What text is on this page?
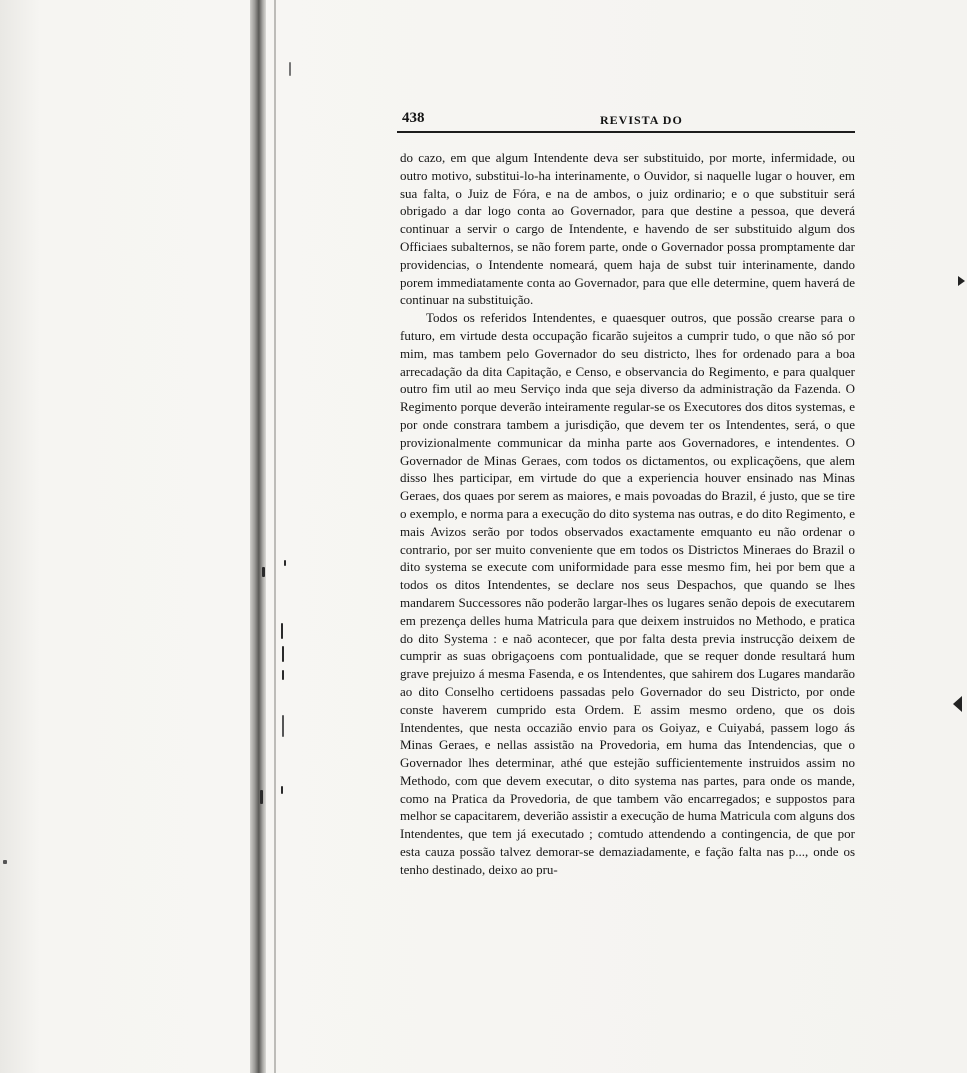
438	REVISTA DO

do cazo, em que algum Intendente deva ser substituido, por morte, infermidade, ou outro motivo, substitui-lo-ha interinamente, o Ouvidor, si naquelle lugar o houver, em sua falta, o Juiz de Fóra, e na de ambos, o juiz ordinario; e o que substituir será obrigado a dar logo conta ao Governador, para que destine a pessoa, que deverá continuar a servir o cargo de Intendente, e havendo de ser substituido algum dos Officiaes subalternos, se não forem parte, onde o Governador possa promptamente dar providencias, o Intendente nomeará, quem haja de subst tuir interinamente, dando porem immediatamente conta ao Governador, para que elle determine, quem haverá de continuar na substituição.

Todos os referidos Intendentes, e quaesquer outros, que possão crearse para o futuro, em virtude desta occupação ficarão sujeitos a cumprir tudo, o que não só por mim, mas tambem pelo Governador do seu districto, lhes for ordenado para a boa arrecadação da dita Capitação, e Censo, e observancia do Regimento, e para qualquer outro fim util ao meu Serviço inda que seja diverso da administração da Fazenda. O Regimento porque deverão inteiramente regular-se os Executores dos ditos systemas, e por onde constrara tambem a jurisdição, que devem ter os Intendentes, será, o que provizionalmente communicar da minha parte aos Governadores, e intendentes. O Governador de Minas Geraes, com todos os dictamentos, ou explicaçõens, que alem disso lhes participar, em virtude do que a experiencia houver ensinado nas Minas Geraes, dos quaes por serem as maiores, e mais povoadas do Brazil, é justo, que se tire o exemplo, e norma para a execução do dito systema nas outras, e do dito Regimento, e mais Avizos serão por todos observados exactamente emquanto eu não ordenar o contrario, por ser muito conveniente que em todos os Districtos Mineraes do Brazil o dito systema se execute com uniformidade para esse mesmo fim, hei por bem que a todos os ditos Intendentes, se declare nos seus Despachos, que quando se lhes mandarem Successores não poderão largar-lhes os lugares senão depois de executarem em prezença delles huma Matricula para que deixem instruidos no Methodo, e pratica do dito Systema : e naõ acontecer, que por falta desta previa instrucção deixem de cumprir as suas obrigaçoens com pontualidade, que se requer donde resultará hum grave prejuizo á mesma Fasenda, e os Intendentes, que sahirem dos Lugares mandarão ao dito Conselho certidoens passadas pelo Governador do seu Districto, por onde conste haverem cumprido esta Ordem. E assim mesmo ordeno, que os dois Intendentes, que nesta occazião envio para os Goiyaz, e Cuiyabá, passem logo ás Minas Geraes, e nellas assistão na Provedoria, em huma das Intendencias, que o Governador lhes determinar, athé que estejão sufficientemente instruidos assim no Methodo, com que devem executar, o dito systema nas partes, para onde os mande, como na Pratica da Provedoria, de que tambem vão encarregados; e suppostos para melhor se capacitarem, deverião assistir a execução de huma Matricula com alguns dos Intendentes, que tem já executado ; comtudo attendendo a contingencia, de que por esta cauza possão talvez demorar-se demaziadamente, e fação falta nas p..., onde os tenho destinado, deixo ao pru-
